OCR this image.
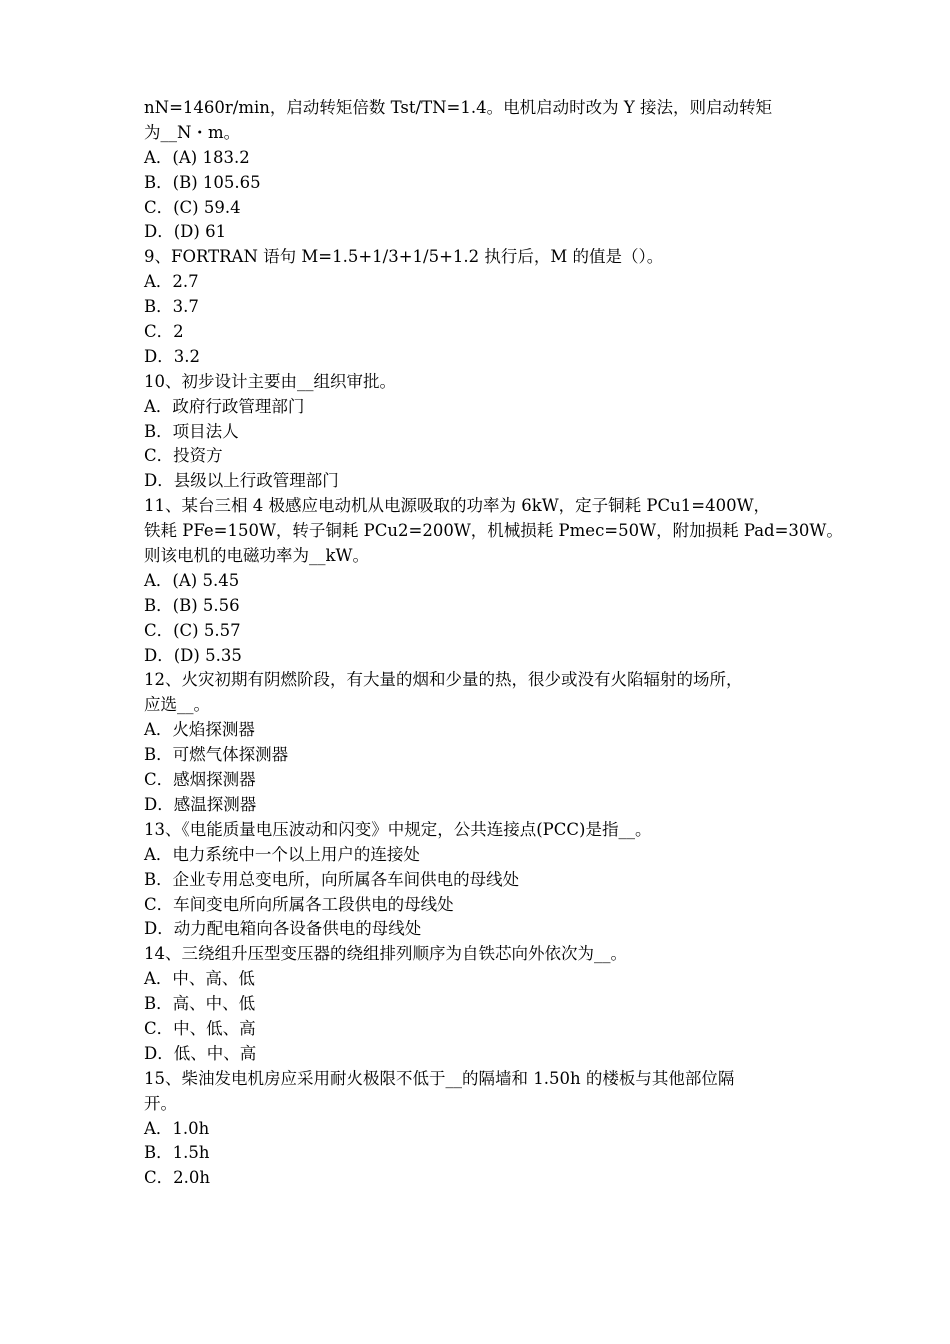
nN=1460r/min，启动转矩倍数 Tst/TN=1.4。电机启动时改为 Y 接法，则启动转矩
为__N・m。
A．(A) 183.2
B．(B) 105.65
C．(C) 59.4
D．(D) 61
9、FORTRAN 语句 M=1.5+1/3+1/5+1.2 执行后，M 的值是（）。
A．2.7
B．3.7
C．2
D．3.2
10、初步设计主要由__组织审批。
A．政府行政管理部门
B．项目法人
C．投资方
D．县级以上行政管理部门
11、某台三相 4 极感应电动机从电源吸取的功率为 6kW，定子铜耗 PCu1=400W，
铁耗 PFe=150W，转子铜耗 PCu2=200W，机械损耗 Pmec=50W，附加损耗 Pad=30W。
则该电机的电磁功率为__kW。
A．(A) 5.45
B．(B) 5.56
C．(C) 5.57
D．(D) 5.35
12、火灾初期有阴燃阶段，有大量的烟和少量的热，很少或没有火陷辐射的场所，
应选__。
A．火焰探测器
B．可燃气体探测器
C．感烟探测器
D．感温探测器
13、《电能质量电压波动和闪变》中规定，公共连接点(PCC)是指__。
A．电力系统中一个以上用户的连接处
B．企业专用总变电所，向所属各车间供电的母线处
C．车间变电所向所属各工段供电的母线处
D．动力配电箱向各设备供电的母线处
14、三绕组升压型变压器的绕组排列顺序为自铁芯向外依次为__。
A．中、高、低
B．高、中、低
C．中、低、高
D．低、中、高
15、柴油发电机房应采用耐火极限不低于__的隔墙和 1.50h 的楼板与其他部位隔
开。
A．1.0h
B．1.5h
C．2.0h
